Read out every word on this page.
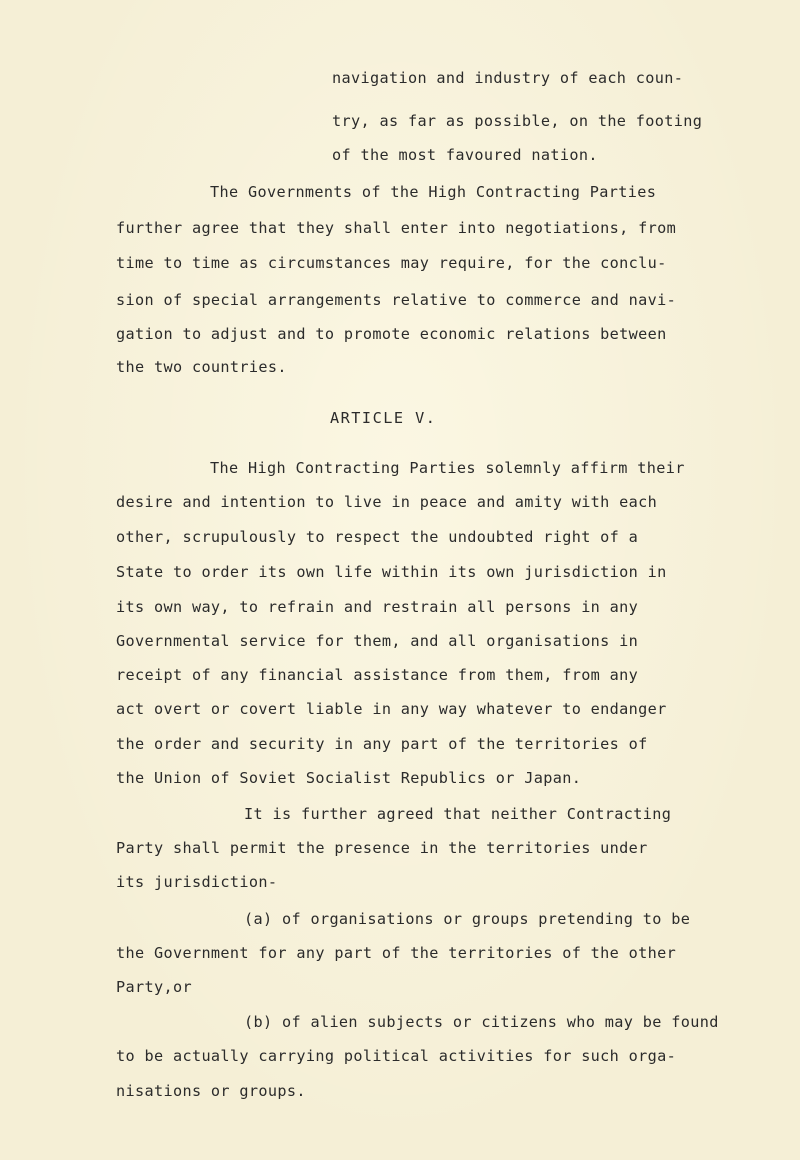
navigation and industry of each coun-
try, as far as possible, on the footing
of the most favoured nation.
The Governments of the High Contracting Parties
further agree that they shall enter into negotiations, from
time to time as circumstances may require, for the conclu-
sion of special arrangements relative to commerce and navi-
gation to adjust and to promote economic relations between
the two countries.
ARTICLE V.
The High Contracting Parties solemnly affirm their
desire and intention to live in peace and amity with each
other, scrupulously to respect the undoubted right of a
State to order its own life within its own jurisdiction in
its own way, to refrain and restrain all persons in any
Governmental service for them, and all organisations in
receipt of any financial assistance from them, from any
act overt or covert liable in any way whatever to endanger
the order and security in any part of the territories of
the Union of Soviet Socialist Republics or Japan.
It is further agreed that neither Contracting
Party shall permit the presence in the territories under
its jurisdiction-
(a) of organisations or groups pretending to be
the Government for any part of the territories of the other
Party,or
(b) of alien subjects or citizens who may be found
to be actually carrying political activities for such orga-
nisations or groups.
